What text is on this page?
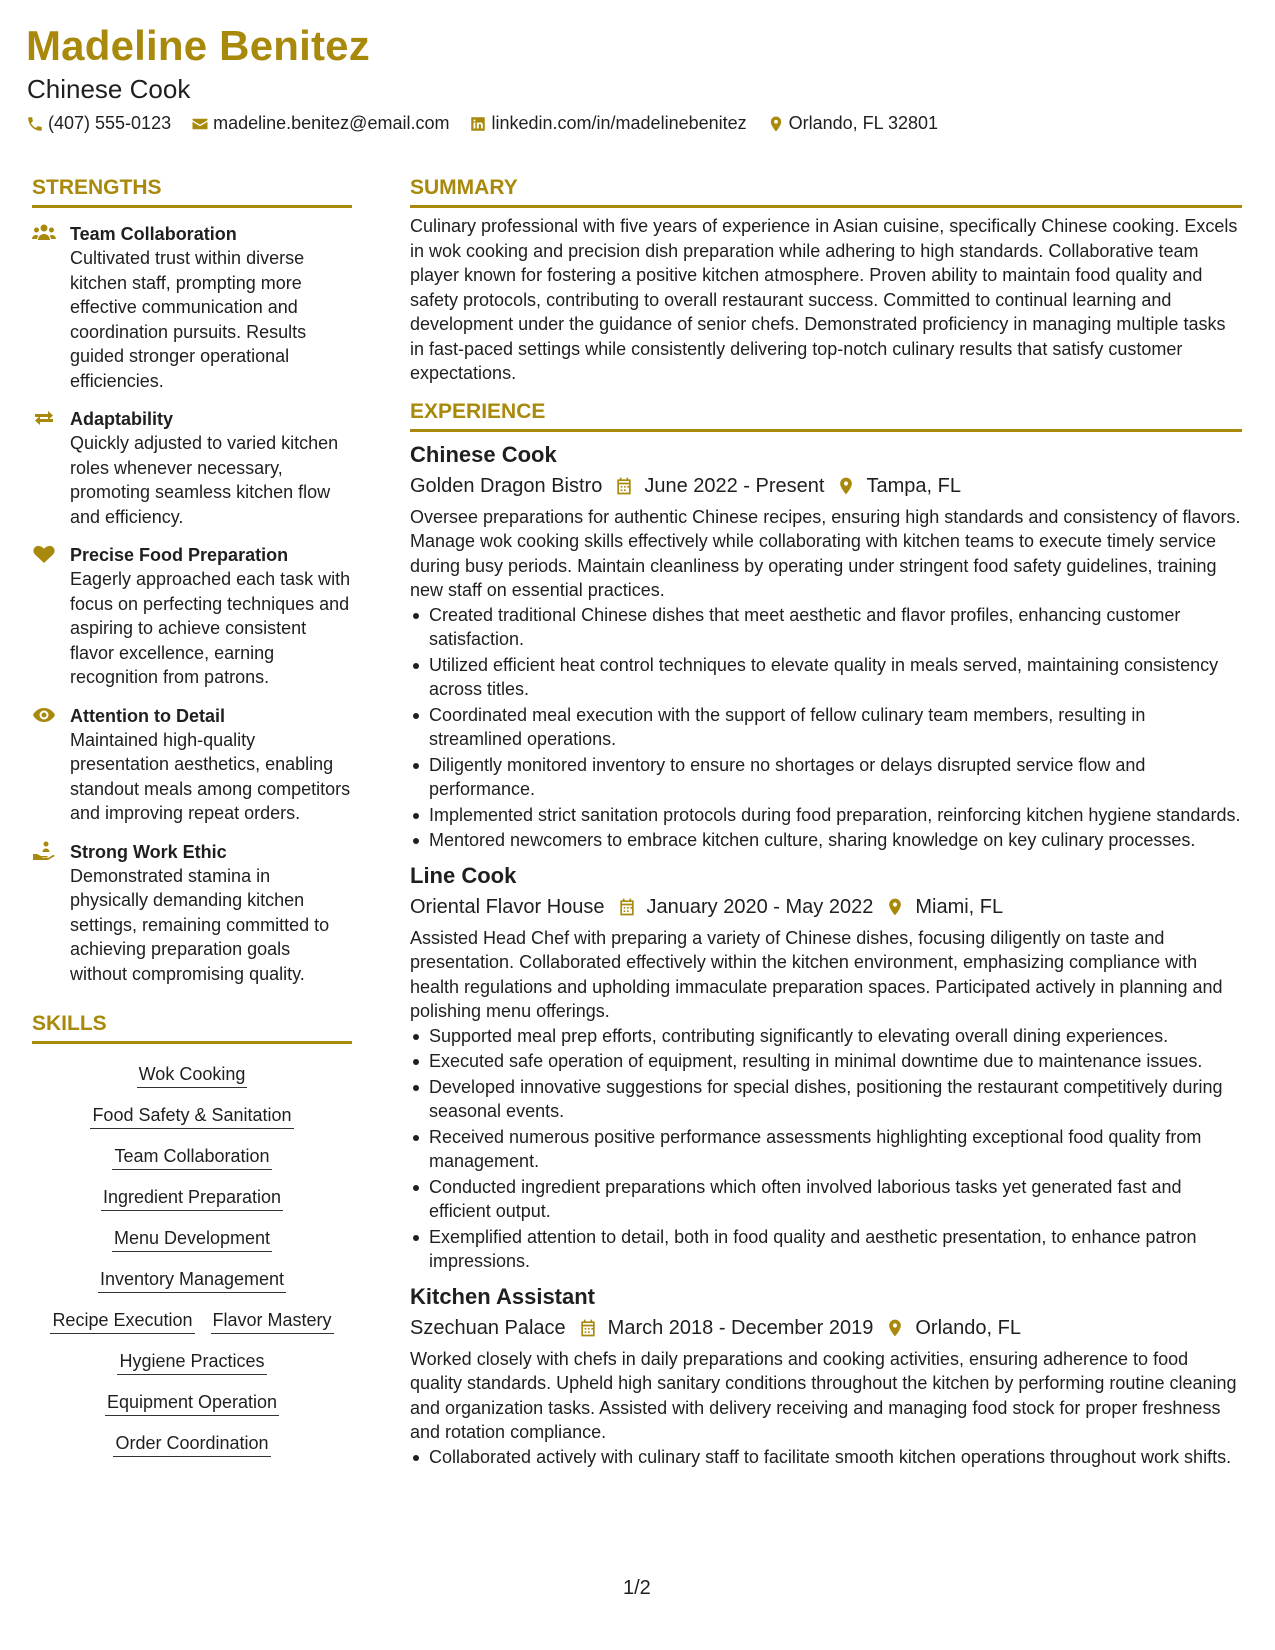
Madeline Benitez
Chinese Cook
(407) 555-0123 madeline.benitez@email.com linkedin.com/in/madelinebenitez Orlando, FL 32801
STRENGTHS
Team Collaboration
Cultivated trust within diverse kitchen staff, prompting more effective communication and coordination pursuits. Results guided stronger operational efficiencies.
Adaptability
Quickly adjusted to varied kitchen roles whenever necessary, promoting seamless kitchen flow and efficiency.
Precise Food Preparation
Eagerly approached each task with focus on perfecting techniques and aspiring to achieve consistent flavor excellence, earning recognition from patrons.
Attention to Detail
Maintained high-quality presentation aesthetics, enabling standout meals among competitors and improving repeat orders.
Strong Work Ethic
Demonstrated stamina in physically demanding kitchen settings, remaining committed to achieving preparation goals without compromising quality.
SKILLS
Wok Cooking
Food Safety & Sanitation
Team Collaboration
Ingredient Preparation
Menu Development
Inventory Management
Recipe Execution Flavor Mastery
Hygiene Practices
Equipment Operation
Order Coordination
SUMMARY
Culinary professional with five years of experience in Asian cuisine, specifically Chinese cooking. Excels in wok cooking and precision dish preparation while adhering to high standards. Collaborative team player known for fostering a positive kitchen atmosphere. Proven ability to maintain food quality and safety protocols, contributing to overall restaurant success. Committed to continual learning and development under the guidance of senior chefs. Demonstrated proficiency in managing multiple tasks in fast-paced settings while consistently delivering top-notch culinary results that satisfy customer expectations.
EXPERIENCE
Chinese Cook
Golden Dragon Bistro June 2022 - Present Tampa, FL
Oversee preparations for authentic Chinese recipes, ensuring high standards and consistency of flavors. Manage wok cooking skills effectively while collaborating with kitchen teams to execute timely service during busy periods. Maintain cleanliness by operating under stringent food safety guidelines, training new staff on essential practices.
Created traditional Chinese dishes that meet aesthetic and flavor profiles, enhancing customer satisfaction.
Utilized efficient heat control techniques to elevate quality in meals served, maintaining consistency across titles.
Coordinated meal execution with the support of fellow culinary team members, resulting in streamlined operations.
Diligently monitored inventory to ensure no shortages or delays disrupted service flow and performance.
Implemented strict sanitation protocols during food preparation, reinforcing kitchen hygiene standards.
Mentored newcomers to embrace kitchen culture, sharing knowledge on key culinary processes.
Line Cook
Oriental Flavor House January 2020 - May 2022 Miami, FL
Assisted Head Chef with preparing a variety of Chinese dishes, focusing diligently on taste and presentation. Collaborated effectively within the kitchen environment, emphasizing compliance with health regulations and upholding immaculate preparation spaces. Participated actively in planning and polishing menu offerings.
Supported meal prep efforts, contributing significantly to elevating overall dining experiences.
Executed safe operation of equipment, resulting in minimal downtime due to maintenance issues.
Developed innovative suggestions for special dishes, positioning the restaurant competitively during seasonal events.
Received numerous positive performance assessments highlighting exceptional food quality from management.
Conducted ingredient preparations which often involved laborious tasks yet generated fast and efficient output.
Exemplified attention to detail, both in food quality and aesthetic presentation, to enhance patron impressions.
Kitchen Assistant
Szechuan Palace March 2018 - December 2019 Orlando, FL
Worked closely with chefs in daily preparations and cooking activities, ensuring adherence to food quality standards. Upheld high sanitary conditions throughout the kitchen by performing routine cleaning and organization tasks. Assisted with delivery receiving and managing food stock for proper freshness and rotation compliance.
Collaborated actively with culinary staff to facilitate smooth kitchen operations throughout work shifts.
1/2
